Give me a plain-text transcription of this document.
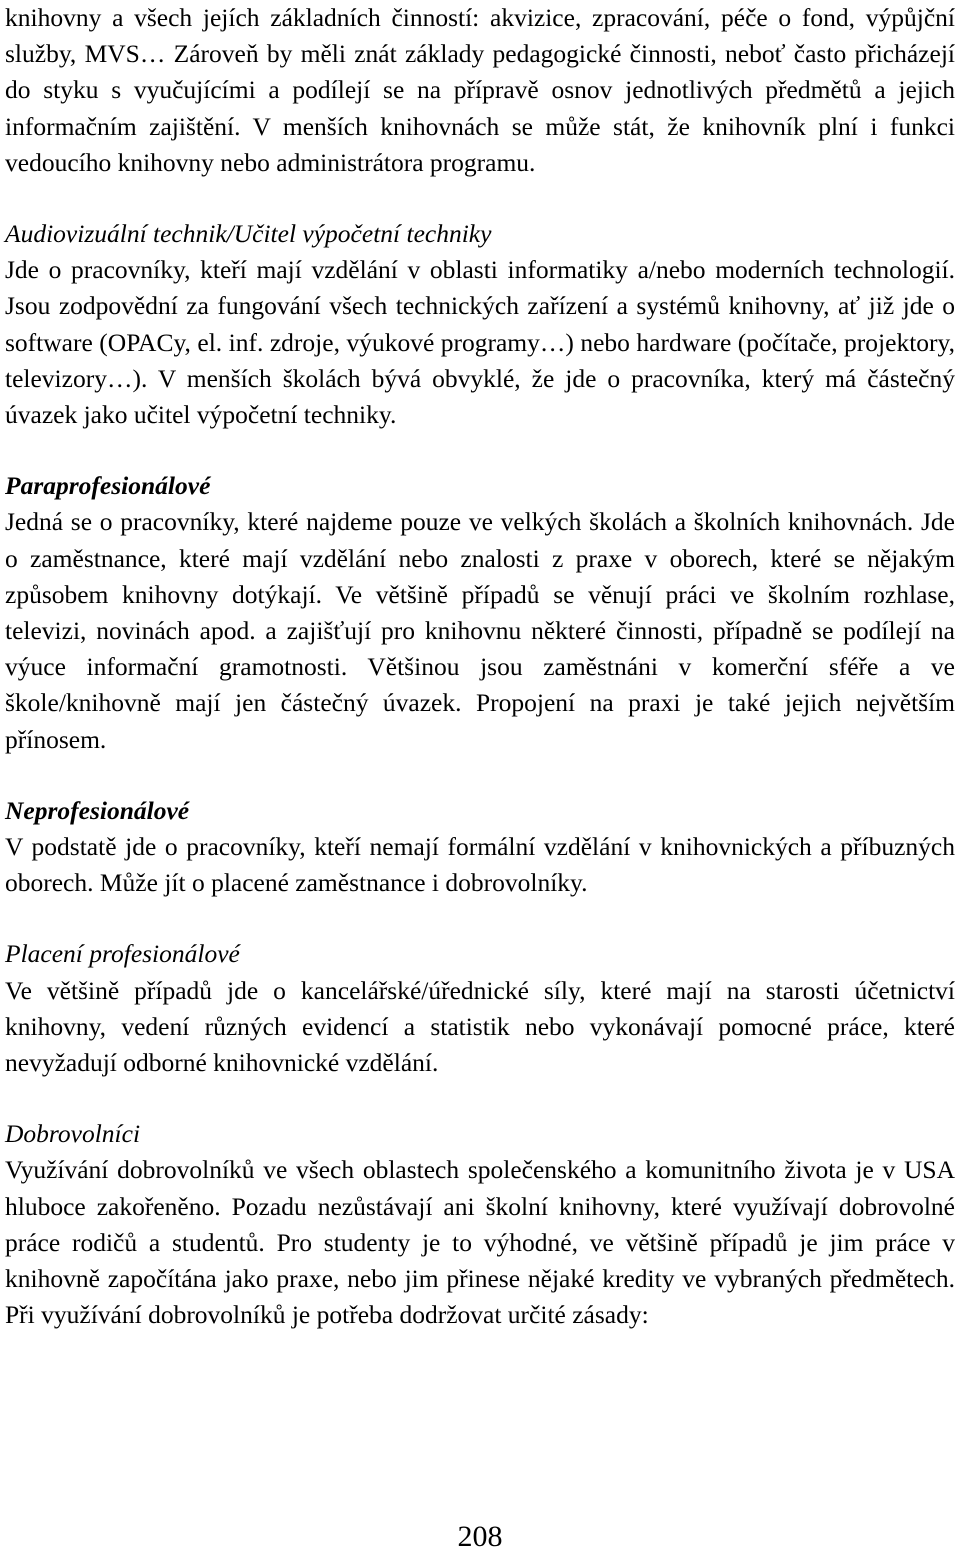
knihovny a všech jejích základních činností: akvizice, zpracování, péče o fond, výpůjční služby, MVS… Zároveň by měli znát základy pedagogické činnosti, neboť často přicházejí do styku s vyučujícími a podílejí se na přípravě osnov jednotlivých předmětů a jejich informačním zajištění. V menších knihovnách se může stát, že knihovník plní i funkci vedoucího knihovny nebo administrátora programu.

Audiovizuální technik/Učitel výpočetní techniky

Jde o pracovníky, kteří mají vzdělání v oblasti informatiky a/nebo moderních technologií. Jsou zodpovědní za fungování všech technických zařízení a systémů knihovny, ať již jde o software (OPACy, el. inf. zdroje, výukové programy…) nebo hardware (počítače, projektory, televizory…). V menších školách bývá obvyklé, že jde o pracovníka, který má částečný úvazek jako učitel výpočetní techniky.

Paraprofesionálové

Jedná se o pracovníky, které najdeme pouze ve velkých školách a školních knihovnách. Jde o zaměstnance, které mají vzdělání nebo znalosti z praxe v oborech, které se nějakým způsobem knihovny dotýkají. Ve většině případů se věnují práci ve školním rozhlase, televizi, novinách apod. a zajišťují pro knihovnu některé činnosti, případně se podílejí na výuce informační gramotnosti. Většinou jsou zaměstnáni v komerční sféře a ve škole/knihovně mají jen částečný úvazek. Propojení na praxi je také jejich největším přínosem.

Neprofesionálové

V podstatě jde o pracovníky, kteří nemají formální vzdělání v knihovnických a příbuzných oborech. Může jít o placené zaměstnance i dobrovolníky.

Placení profesionálové

Ve většině případů jde o kancelářské/úřednické síly, které mají na starosti účetnictví knihovny, vedení různých evidencí a statistik nebo vykonávají pomocné práce, které nevyžadují odborné knihovnické vzdělání.

Dobrovolníci

Využívání dobrovolníků ve všech oblastech společenského a komunitního života je v USA hluboce zakořeněno. Pozadu nezůstávají ani školní knihovny, které využívají dobrovolné práce rodičů a studentů. Pro studenty je to výhodné, ve většině případů je jim práce v knihovně započítána jako praxe, nebo jim přinese nějaké kredity ve vybraných předmětech. Při využívání dobrovolníků je potřeba dodržovat určité zásady:

208
